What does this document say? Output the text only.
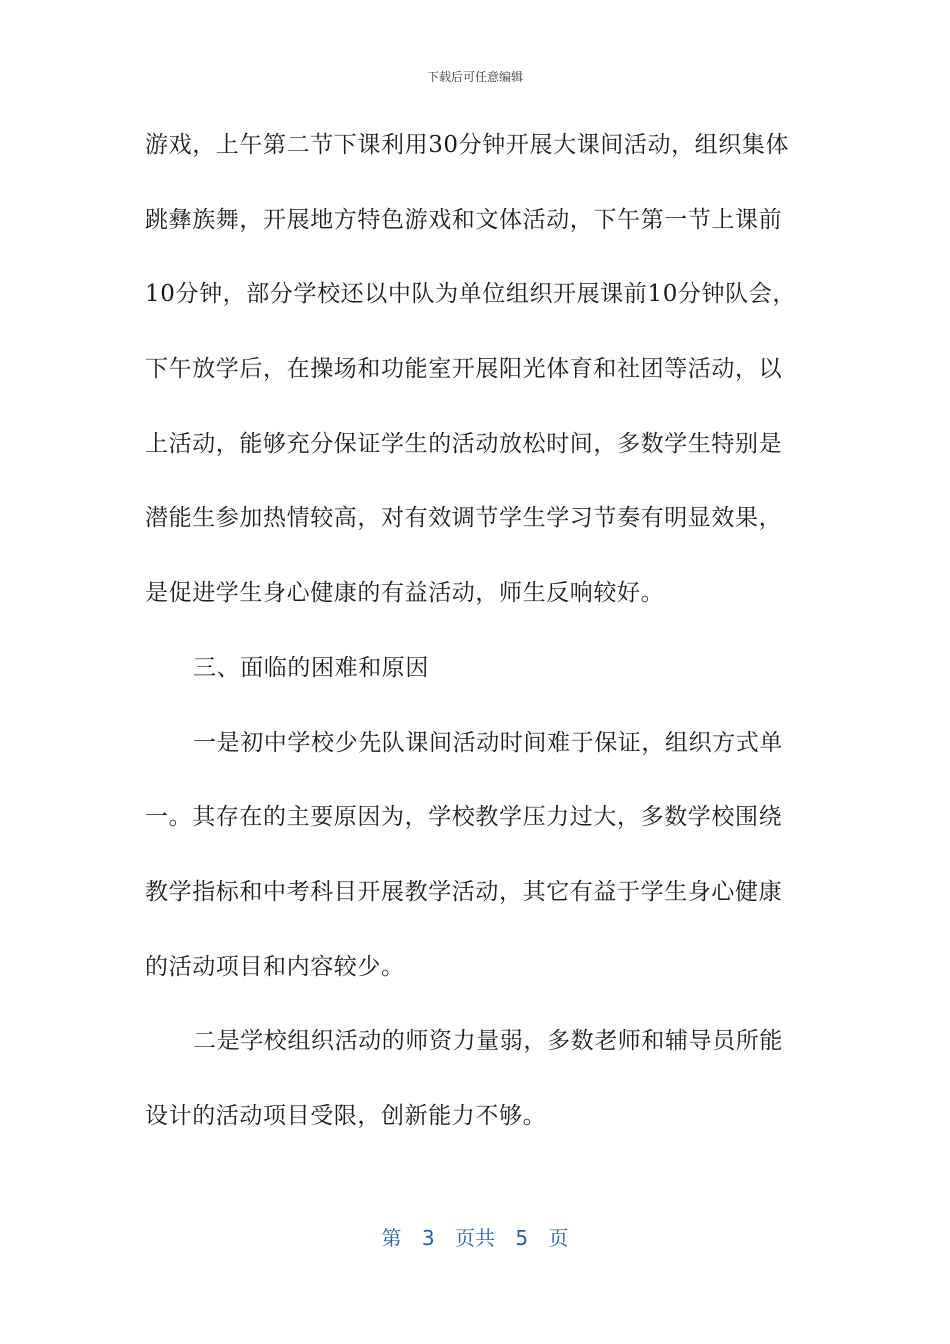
下载后可任意编辑
游戏，上午第二节下课利用30分钟开展大课间活动，组织集体
跳彝族舞，开展地方特色游戏和文体活动，下午第一节上课前
10分钟，部分学校还以中队为单位组织开展课前10分钟队会，
下午放学后，在操场和功能室开展阳光体育和社团等活动，以
上活动，能够充分保证学生的活动放松时间，多数学生特别是
潜能生参加热情较高，对有效调节学生学习节奏有明显效果，
是促进学生身心健康的有益活动，师生反响较好。
三、面临的困难和原因
一是初中学校少先队课间活动时间难于保证，组织方式单
一。其存在的主要原因为，学校教学压力过大，多数学校围绕
教学指标和中考科目开展教学活动，其它有益于学生身心健康
的活动项目和内容较少。
二是学校组织活动的师资力量弱，多数老师和辅导员所能
设计的活动项目受限，创新能力不够。
第 3 页共 5 页
